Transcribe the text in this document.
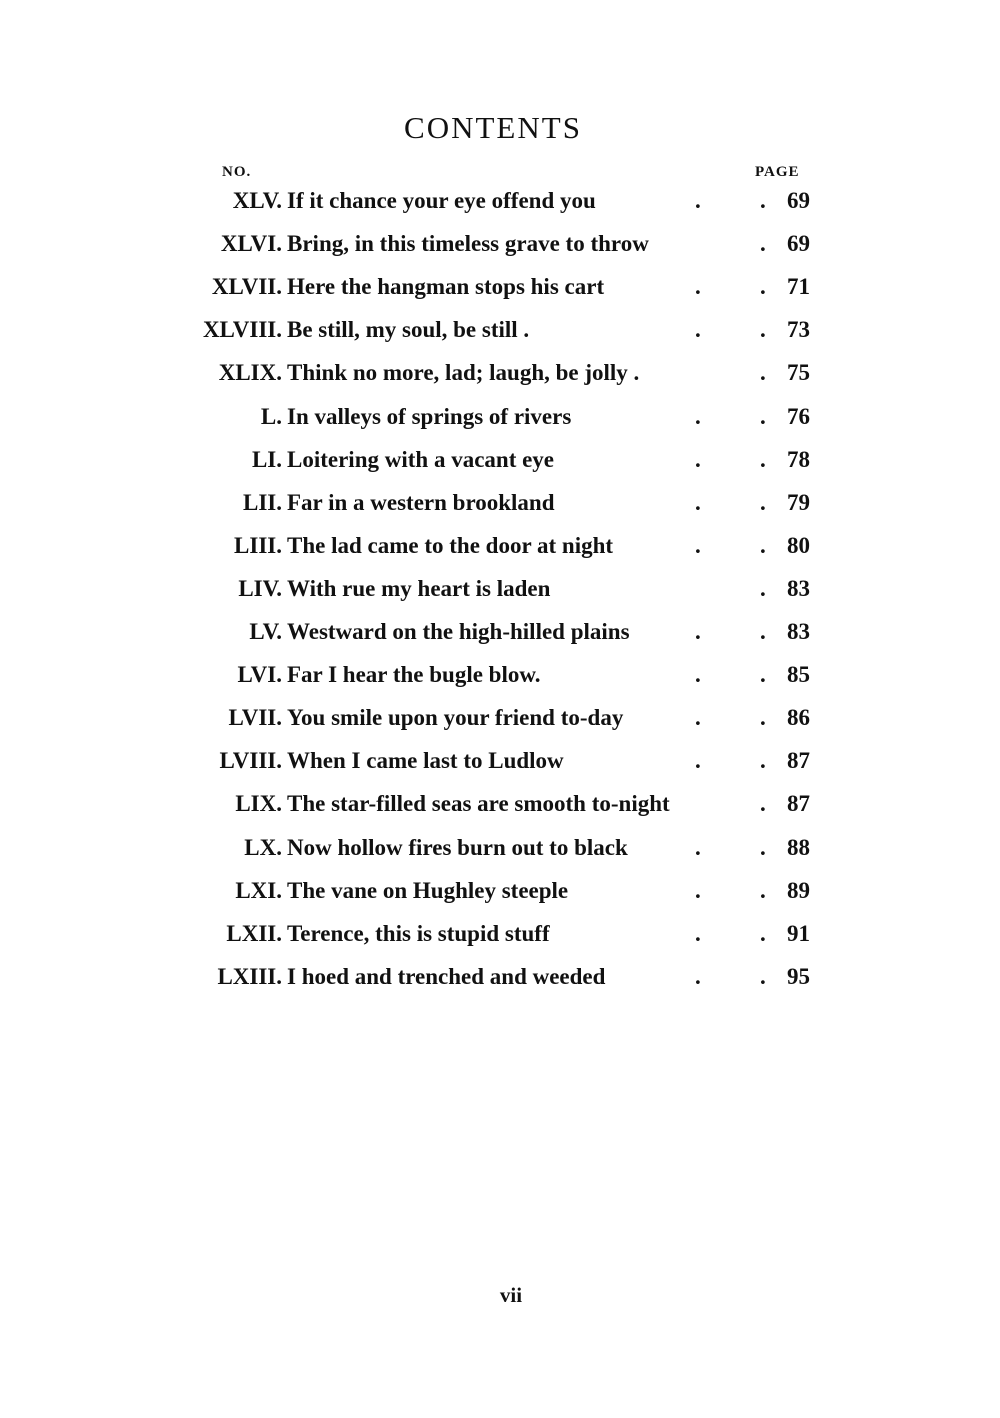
CONTENTS
NO.	PAGE
XLV. If it chance your eye offend you	.	. 69
XLVI. Bring, in this timeless grave to throw	. 69
XLVII. Here the hangman stops his cart	.	. 71
XLVIII. Be still, my soul, be still .	.	. 73
XLIX. Think no more, lad; laugh, be jolly .	. 75
L. In valleys of springs of rivers	.	. 76
LI. Loitering with a vacant eye	.	. 78
LII. Far in a western brookland	.	. 79
LIII. The lad came to the door at night	.	. 80
LIV. With rue my heart is laden	. 83
LV. Westward on the high-hilled plains	.	. 83
LVI. Far I hear the bugle blow.	.	. 85
LVII. You smile upon your friend to-day	.	. 86
LVIII. When I came last to Ludlow	.	. 87
LIX. The star-filled seas are smooth to-night	. 87
LX. Now hollow fires burn out to black	.	. 88
LXI. The vane on Hughley steeple	.	. 89
LXII. Terence, this is stupid stuff	.	. 91
LXIII. I hoed and trenched and weeded	.	. 95
vii
